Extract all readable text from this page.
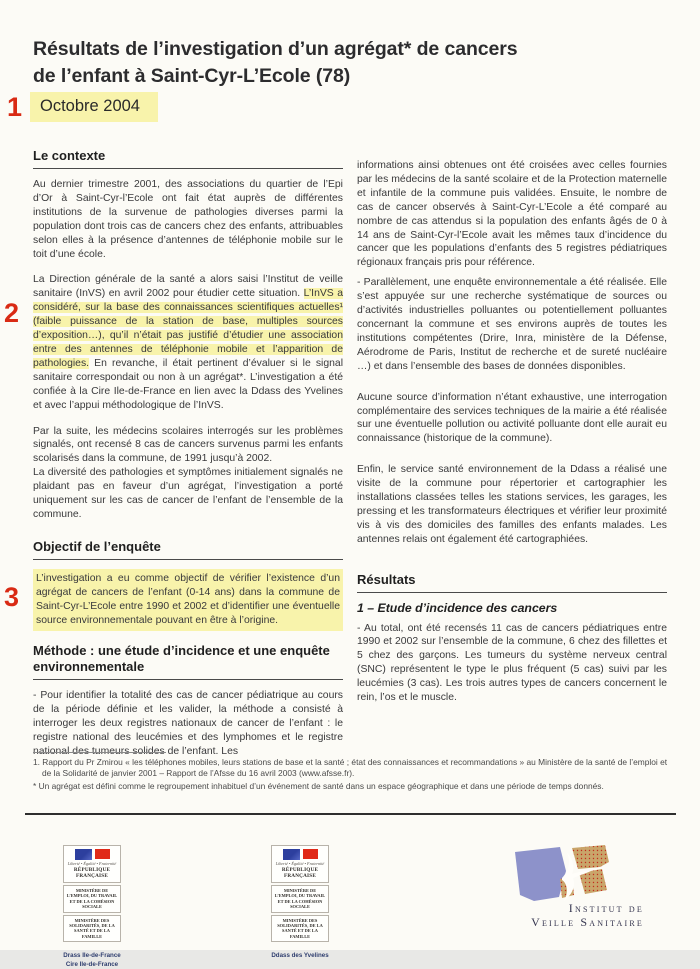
Résultats de l’investigation d’un agrégat* de cancers
de l’enfant à Saint-Cyr-L’Ecole (78)
1
2
3
Octobre 2004
Le contexte

Au dernier trimestre 2001, des associations du quartier de l’Epi d’Or à Saint-Cyr-l’Ecole ont fait état auprès de différentes institutions de la survenue de pathologies diverses parmi la population dont trois cas de cancers chez des enfants, attribuables selon elles à la présence d’antennes de téléphonie mobile sur le toit d’une école.

La Direction générale de la santé a alors saisi l’Institut de veille sanitaire (InVS) en avril 2002 pour étudier cette situation. L’InVS a considéré, sur la base des connaissances scientifiques actuelles¹ (faible puissance de la station de base, multiples sources d’exposition…), qu’il n’était pas justifié d’étudier une association entre des antennes de téléphonie mobile et l’apparition de pathologies. En revanche, il était pertinent d’évaluer si le signal sanitaire correspondait ou non à un agrégat*. L’investigation a été confiée à la Cire Ile-de-France en lien avec la Ddass des Yvelines et avec l’appui méthodologique de l’InVS.

Par la suite, les médecins scolaires interrogés sur les problèmes signalés, ont recensé 8 cas de cancers survenus parmi les enfants scolarisés dans la commune, de 1991 jusqu’à 2002.

La diversité des pathologies et symptômes initialement signalés ne plaidant pas en faveur d’un agrégat, l’investigation a porté uniquement sur les cas de cancer de l’enfant de l’ensemble de la commune.

Objectif de l’enquête

L’investigation a eu comme objectif de vérifier l’existence d’un agrégat de cancers de l’enfant (0-14 ans) dans la commune de Saint-Cyr-L’Ecole entre 1990 et 2002 et d’identifier une éventuelle source environnementale pouvant en être à l’origine.

Méthode : une étude d’incidence et une enquête environnementale

- Pour identifier la totalité des cas de cancer pédiatrique au cours de la période définie et les valider, la méthode a consisté à interroger les deux registres nationaux de cancer de l’enfant : le registre national des leucémies et des lymphomes et le registre national des tumeurs solides de l’enfant. Les

informations ainsi obtenues ont été croisées avec celles fournies par les médecins de la santé scolaire et de la Protection maternelle et infantile de la commune puis validées. Ensuite, le nombre de cas de cancer observés à Saint-Cyr-L’Ecole a été comparé au nombre de cas attendus si la population des enfants âgés de 0 à 14 ans de Saint-Cyr-l’Ecole avait les mêmes taux d’incidence du cancer que les populations d’enfants des 5 registres pédiatriques régionaux français pris pour référence.

- Parallèlement, une enquête environnementale a été réalisée. Elle s’est appuyée sur une recherche systématique de sources ou d’activités industrielles polluantes ou potentiellement polluantes concernant la commune et ses environs auprès de toutes les institutions compétentes (Drire, Inra, ministère de la Défense, Aérodrome de Paris, Institut de recherche et de sureté nucléaire …) et dans l’ensemble des bases de données disponibles.

Aucune source d’information n’étant exhaustive, une interrogation complémentaire des services techniques de la mairie a été réalisée sur une éventuelle pollution ou activité polluante dont elle aurait eu connaissance (historique de la commune).

Enfin, le service santé environnement de la Ddass a réalisé une visite de la commune pour répertorier et cartographier les installations classées telles les stations services, les garages, les pressing et les transformateurs électriques et vérifier leur proximité vis à vis des domiciles des familles des enfants malades. Les antennes relais ont également été cartographiées.

Résultats
1 – Etude d’incidence des cancers

- Au total, ont été recensés 11 cas de cancers pédiatriques entre 1990 et 2002 sur l’ensemble de la commune, 6 chez des fillettes et 5 chez des garçons. Les tumeurs du système nerveux central (SNC) représentent le type le plus fréquent (5 cas) suivi par les leucémies (3 cas). Les trois autres types de cancers concernent le rein, l’os et le muscle.

1. Rapport du Pr Zmirou « les téléphones mobiles, leurs stations de base et la santé ; état des connaissances et recommandations » au Ministère de la santé de l’emploi et de la Solidarité de janvier 2001 – Rapport de l’Afsse du 16 avril 2003 (www.afsse.fr).
* Un agrégat est défini comme le regroupement inhabituel d’un événement de santé dans un espace géographique et dans une période de temps donnés.
Liberté • Égalité • Fraternité
RÉPUBLIQUE FRANÇAISE
MINISTÈRE DE L’EMPLOI, DU TRAVAIL ET DE LA COHÉSION SOCIALE
MINISTÈRE DES SOLIDARITÉS, DE LA SANTÉ ET DE LA FAMILLE
Drass Ile-de-France
Cire Ile-de-France
Liberté • Égalité • Fraternité
RÉPUBLIQUE FRANÇAISE
MINISTÈRE DE L’EMPLOI, DU TRAVAIL ET DE LA COHÉSION SOCIALE
MINISTÈRE DES SOLIDARITÉS, DE LA SANTÉ ET DE LA FAMILLE
Ddass des Yvelines
Institut de
Veille Sanitaire
